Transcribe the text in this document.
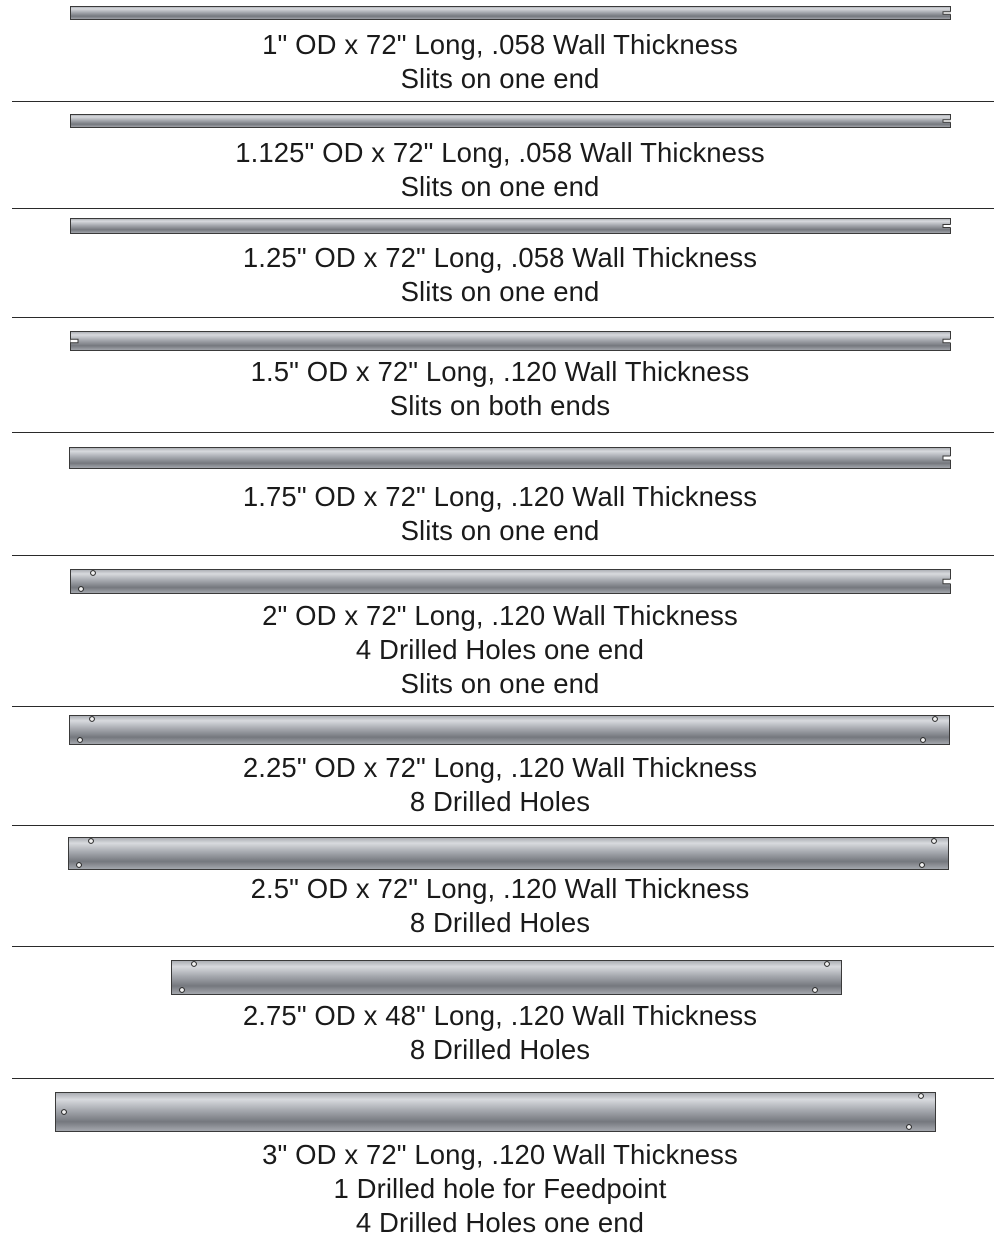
1" OD x 72" Long, .058 Wall Thickness
Slits on one end
1.125" OD x 72" Long, .058 Wall Thickness
Slits on one end
1.25" OD x 72" Long, .058 Wall Thickness
Slits on one end
1.5" OD x 72" Long, .120 Wall Thickness
Slits on both ends
1.75" OD x 72" Long, .120 Wall Thickness
Slits on one end
2" OD x 72" Long, .120 Wall Thickness
4 Drilled Holes one end
Slits on one end
2.25" OD x 72" Long, .120 Wall Thickness
8 Drilled Holes
2.5" OD x 72" Long, .120 Wall Thickness
8 Drilled Holes
2.75" OD x 48" Long, .120 Wall Thickness
8 Drilled Holes
3" OD x 72" Long, .120 Wall Thickness
1 Drilled hole for Feedpoint
4 Drilled Holes one end
